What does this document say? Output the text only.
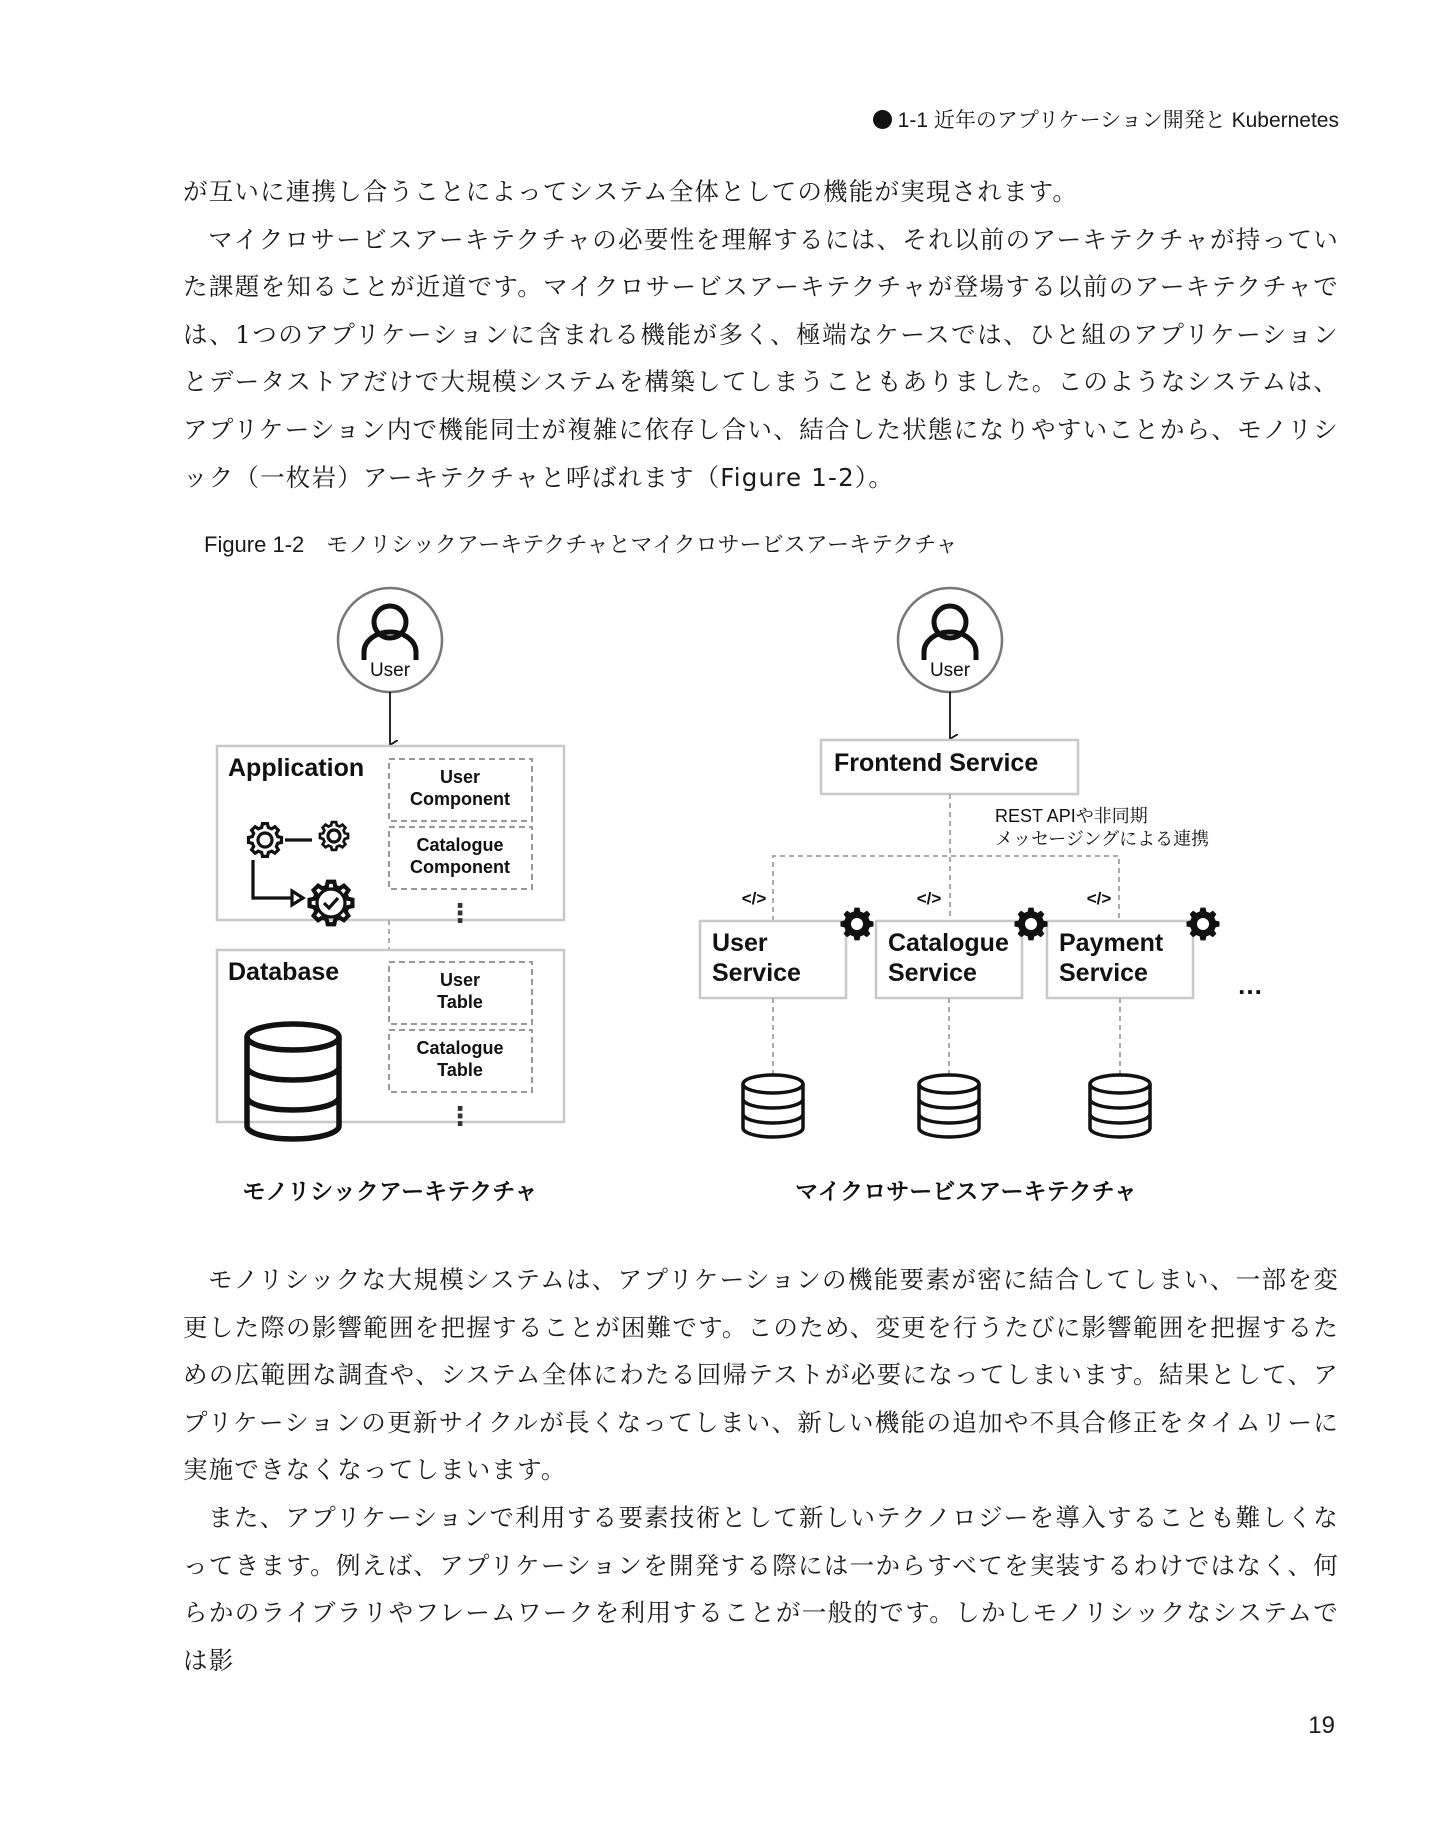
1-1 近年のアプリケーション開発と Kubernetes

が互いに連携し合うことによってシステム全体としての機能が実現されます。

マイクロサービスアーキテクチャの必要性を理解するには、それ以前のアーキテクチャが持っていた課題を知ることが近道です。マイクロサービスアーキテクチャが登場する以前のアーキテクチャでは、1つのアプリケーションに含まれる機能が多く、極端なケースでは、ひと組のアプリケーションとデータストアだけで大規模システムを構築してしまうこともありました。このようなシステムは、アプリケーション内で機能同士が複雑に依存し合い、結合した状態になりやすいことから、モノリシック（一枚岩）アーキテクチャと呼ばれます（Figure 1-2）。

Figure 1-2 モノリシックアーキテクチャとマイクロサービスアーキテクチャ
User
Application	User Component
Catalogue Component
⋮
Database	User Table
Catalogue Table
⋮
モノリシックアーキテクチャ
User
Frontend Service
REST APIや非同期
メッセージングによる連携
</>	</>	</>
User
Service
Catalogue
Service
Payment
Service	…
マイクロサービスアーキテクチャ

モノリシックな大規模システムは、アプリケーションの機能要素が密に結合してしまい、一部を変更した際の影響範囲を把握することが困難です。このため、変更を行うたびに影響範囲を把握するための広範囲な調査や、システム全体にわたる回帰テストが必要になってしまいます。結果として、アプリケーションの更新サイクルが長くなってしまい、新しい機能の追加や不具合修正をタイムリーに実施できなくなってしまいます。

また、アプリケーションで利用する要素技術として新しいテクノロジーを導入することも難しくなってきます。例えば、アプリケーションを開発する際には一からすべてを実装するわけではなく、何らかのライブラリやフレームワークを利用することが一般的です。しかしモノリシックなシステムでは影

19
